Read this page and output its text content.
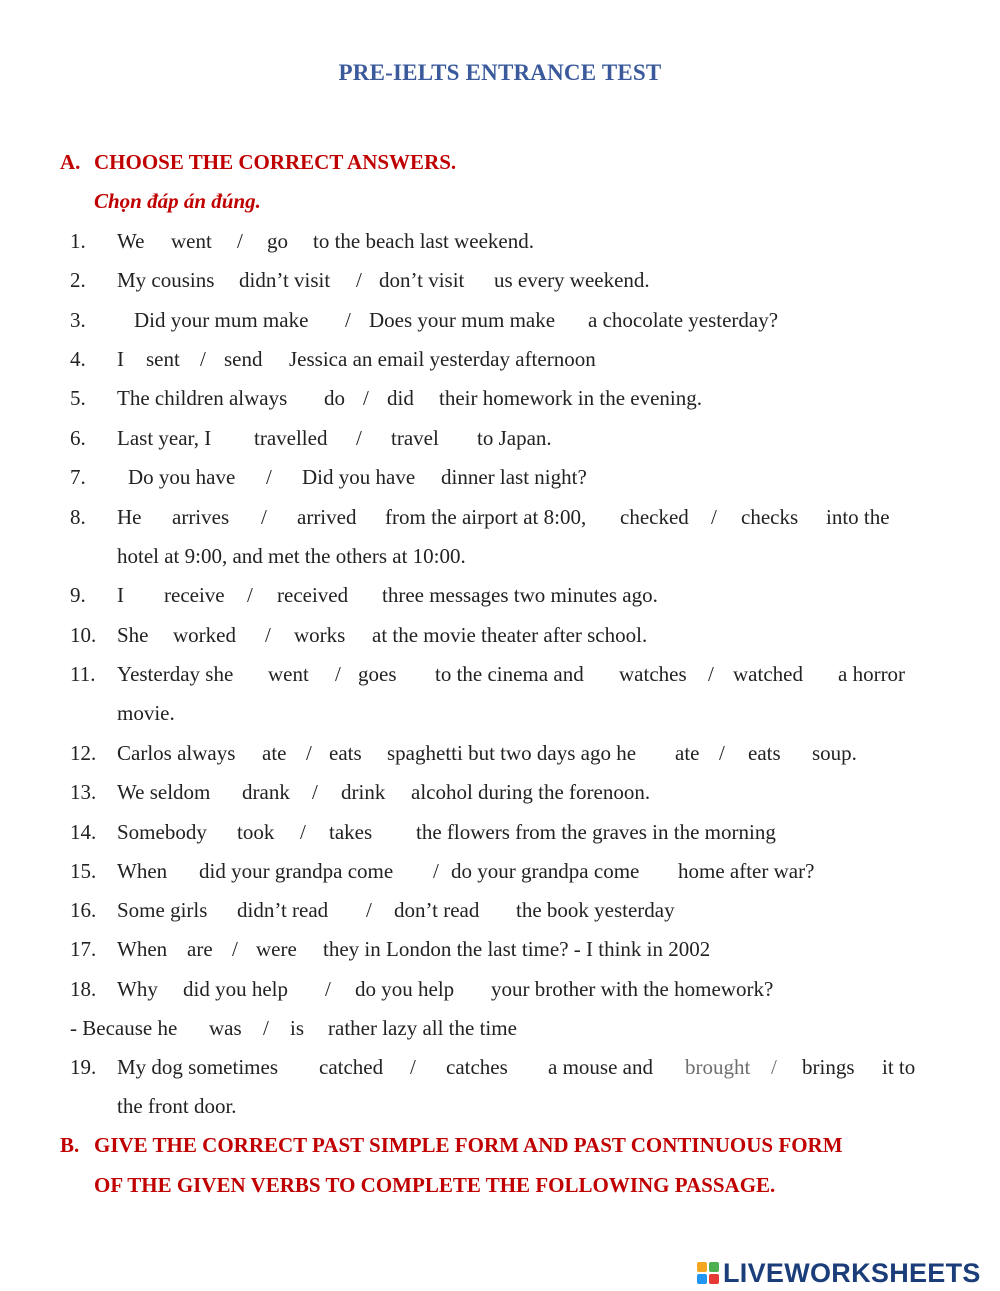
PRE-IELTS ENTRANCE TEST
A. CHOOSE THE CORRECT ANSWERS.
Chọn đáp án đúng.
1.	We went / go to the beach last weekend.
2.	My cousins didn’t visit / don’t visit us every weekend.
3.	Did your mum make / Does your mum make a chocolate yesterday?
4.	I sent / send Jessica an email yesterday afternoon
5.	The children always do / did their homework in the evening.
6.	Last year, I travelled / travel to Japan.
7.	Do you have / Did you have dinner last night?
8.	He arrives / arrived from the airport at 8:00, checked / checks into the
hotel at 9:00, and met the others at 10:00.
9.	I receive / received three messages two minutes ago.
10. She worked / works at the movie theater after school.
11.	Yesterday she went / goes to the cinema and watches / watched a horror
movie.
12. Carlos always ate / eats spaghetti but two days ago he ate / eats soup.
13. We seldom drank / drink alcohol during the forenoon.
14. Somebody took / takes the flowers from the graves in the morning
15. When did your grandpa come / do your grandpa come home after war?
16. Some girls didn’t read / don’t read the book yesterday
17. When are / were they in London the last time? - I think in 2002
18. Why did you help / do you help your brother with the homework?
- Because he was / is rather lazy all the time
19. My dog sometimes catched / catches a mouse and brought / brings it to
the front door.
B. GIVE THE CORRECT PAST SIMPLE FORM AND PAST CONTINUOUS FORM
OF THE GIVEN VERBS TO COMPLETE THE FOLLOWING PASSAGE.
LIVEWORKSHEETS
